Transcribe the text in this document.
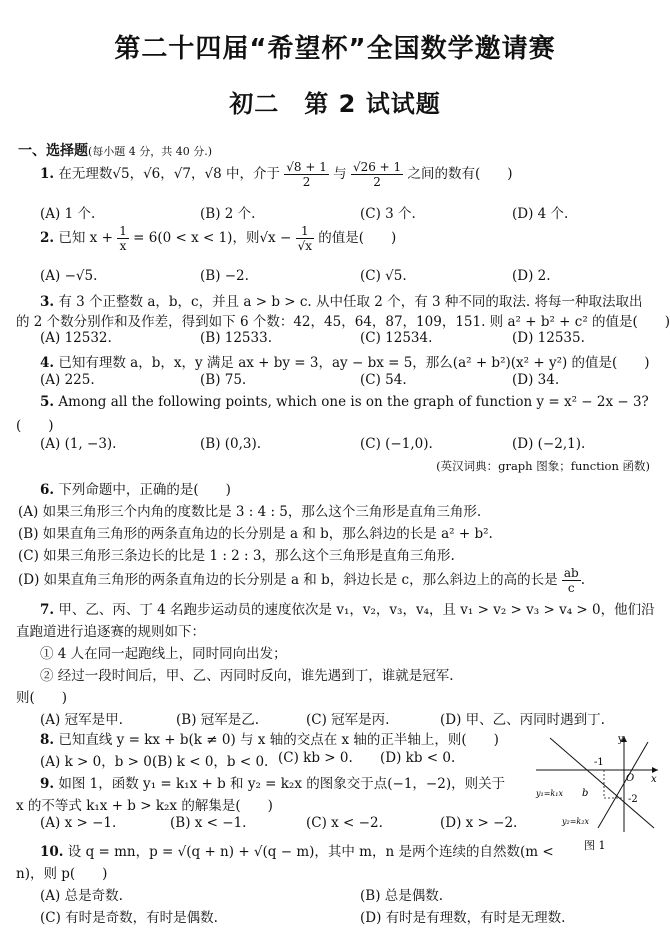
第二十四届“希望杯”全国数学邀请赛
初二　第 2 试试题
一、选择题(每小题 4 分，共 40 分.)
1. 在无理数√5，√6，√7，√8 中，介于 $\frac{√8 + 1}{2}$ 与 $\frac{√26 + 1}{2}$ 之间的数有(　　)
(A) 1 个.	(B) 2 个.	(C) 3 个.	(D) 4 个.
2. 已知 $x + \frac{1}{x} = 6(0 < x < 1)$，则$√x - \frac{1}{√x}$ 的值是(　　)
(A) −√5.	(B) −2.	(C) √5.	(D) 2.
3. 有 3 个正整数 a，b，c，并且 a > b > c. 从中任取 2 个，有 3 种不同的取法. 将每一种取法取出
的 2 个数分别作和及作差，得到如下 6 个数：42，45，64，87，109，151. 则 a² + b² + c² 的值是(　　)
(A) 12532.	(B) 12533.	(C) 12534.	(D) 12535.
4. 已知有理数 a，b，x，y 满足 ax + by = 3，ay − bx = 5，那么(a² + b²)(x² + y²) 的值是(　　)
(A) 225.	(B) 75.	(C) 54.	(D) 34.
5. Among all the following points, which one is on the graph of function y = x² − 2x − 3?
(　　)
(A) (1, −3).	(B) (0,3).	(C) (−1,0).	(D) (−2,1).
(英汉词典：graph 图象；function 函数)
6. 下列命题中，正确的是(　　)
(A) 如果三角形三个内角的度数比是 3 : 4 : 5，那么这个三角形是直角三角形.
(B) 如果直角三角形的两条直角边的长分别是 a 和 b，那么斜边的长是 a² + b².
(C) 如果三角形三条边长的比是 1 : 2 : 3，那么这个三角形是直角三角形.
(D) 如果直角三角形的两条直角边的长分别是 a 和 b，斜边长是 c，那么斜边上的高的长是 $\frac{ab}{c}$ .
7. 甲、乙、丙、丁 4 名跑步运动员的速度依次是 v₁，v₂，v₃，v₄，且 v₁ > v₂ > v₃ > v₄ > 0，他们沿
直跑道进行追逐赛的规则如下：
① 4 人在同一起跑线上，同时同向出发；
② 经过一段时间后，甲、乙、丙同时反向，谁先遇到丁，谁就是冠军.
则(　　)
(A) 冠军是甲.	(B) 冠军是乙.	(C) 冠军是丙.	(D) 甲、乙、丙同时遇到丁.
8. 已知直线 y = kx + b(k ≠ 0) 与 x 轴的交点在 x 轴的正半轴上，则(　　)
(A) k > 0，b > 0.
(B) k < 0，b < 0. (C) kb > 0. (D) kb < 0.
9. 如图 1，函数 y₁ = k₁x + b 和 y₂ = k₂x 的图象交于点(−1，−2)，则关于
x 的不等式 k₁x + b > k₂x 的解集是(　　)
(A) x > −1.	(B) x < −1.	(C) x < −2.	(D) x > −2.
10. 设 q = mn，p = √(q + n) + √(q − m)，其中 m，n 是两个连续的自然数(m <
n)，则 p(　　)
(A) 总是奇数.	(B) 总是偶数.
(C) 有时是奇数，有时是偶数.	(D) 有时是有理数，有时是无理数.
y
x
O
-1
-2
b
y₁=k₁x
y₂=k₂x
图 1
